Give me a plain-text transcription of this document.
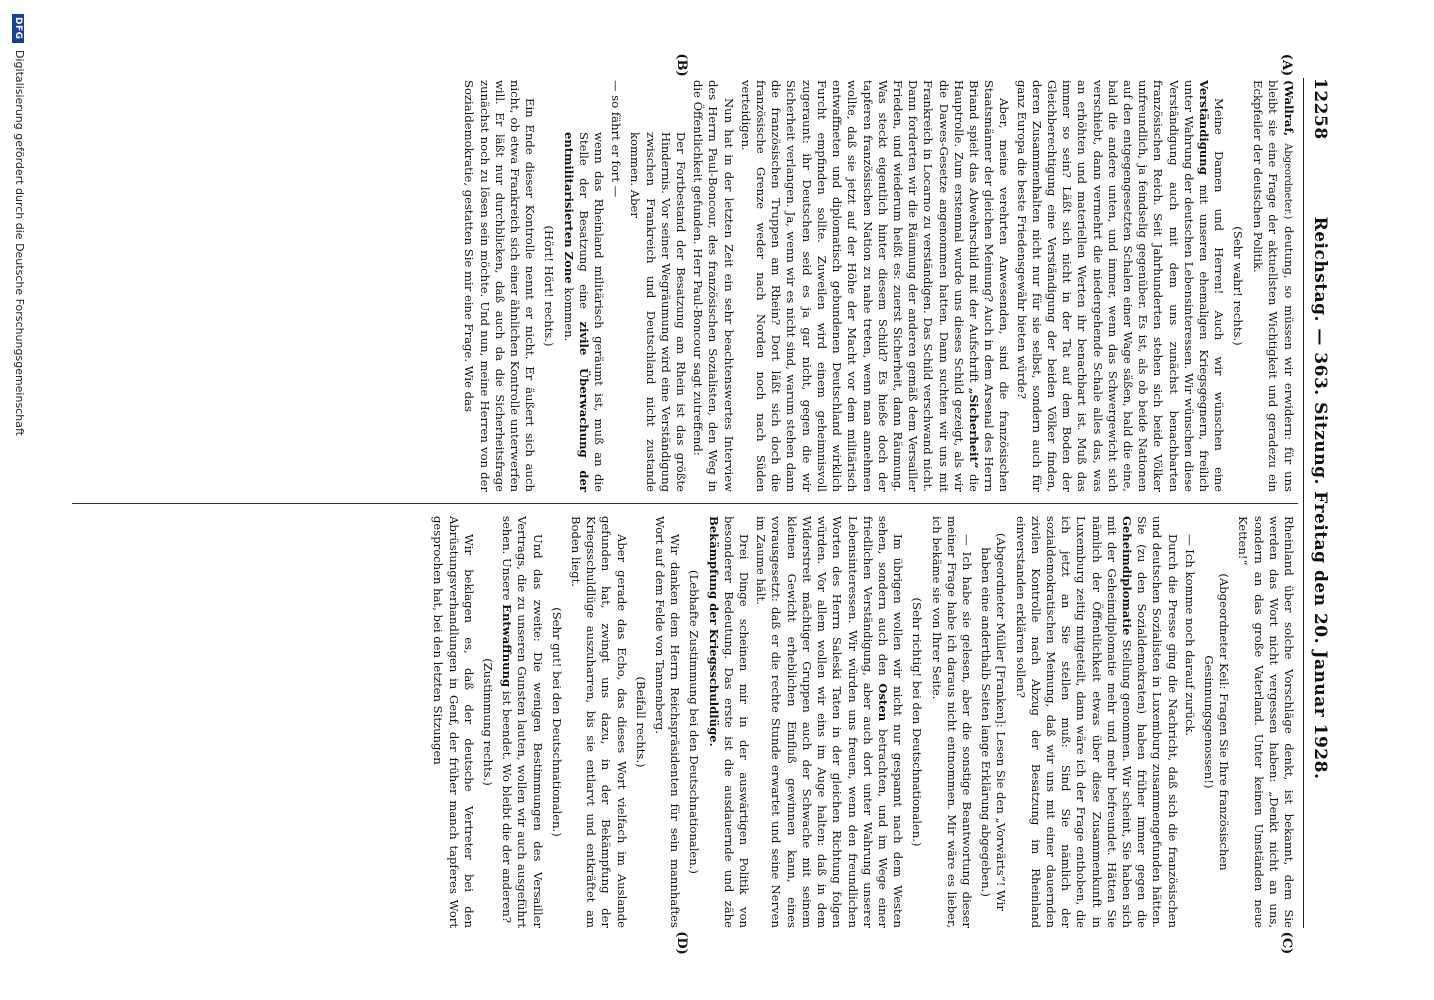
12258
Reichstag. — 363. Sitzung. Freitag den 20. Januar 1928.
(A)
(B)
(C)
(D)

(Wallraf, Abgeordneter.) deutung, so müssen wir erwidern: für uns bleibt sie eine Frage der aktuellsten Wichtigkeit und geradezu ein Eckpfeiler der deutschen Politik.

(Sehr wahr! rechts.)

Meine Damen und Herren! Auch wir wünschen eine Verständigung mit unseren ehemaligen Kriegsgegnern, freilich unter Wahrung der deutschen Lebensinteressen. Wir wünschen diese Verständigung auch mit dem uns zunächst benachbarten französischen Reich. Seit Jahrhunderten stehen sich beide Völker unfreundlich, ja feindselig gegenüber. Es ist, als ob beide Nationen auf den entgegengesetzten Schalen einer Wage säßen, bald die eine, bald die andere unten, und immer, wenn das Schwergewicht sich verschiebt, dann vermehrt die niedergehende Schale alles das, was an erhöhten und materiellen Werten ihr benachbart ist. Muß das immer so sein? Läßt sich nicht in der Tat auf dem Boden der Gleichberechtigung eine Verständigung der beiden Völker finden, deren Zusammenhalten nicht nur für sie selbst, sondern auch für ganz Europa die beste Friedensgewähr bieten würde?

Aber, meine verehrten Anwesenden, sind die französischen Staatsmänner der gleichen Meinung? Auch in dem Arsenal des Herrn Briand spielt das Abwehrschild mit der Aufschrift „Sicherheit“ die Hauptrolle. Zum erstenmal wurde uns dieses Schild gezeigt, als wir die Dawes-Gesetze angenommen hatten. Dann suchten wir uns mit Frankreich in Locarno zu verständigen. Das Schild verschwand nicht. Dann forderten wir die Räumung der anderen gemäß dem Versailler Frieden, und wiederum heißt es: zuerst Sicherheit, dann Räumung. Was steckt eigentlich hinter diesem Schild? Es hieße doch der tapferen französischen Nation zu nahe treten, wenn man annehmen wollte, daß sie jetzt auf der Höhe der Macht vor dem militärisch entwaffneten und diplomatisch gebundenen Deutschland wirklich Furcht empfinden sollte. Zuweilen wird einem geheimnisvoll zugeraunt: ihr Deutschen seid es ja gar nicht, gegen die wir Sicherheit verlangen. Ja, wenn wir es nicht sind, warum stehen dann die französischen Truppen am Rhein? Dort läßt sich doch die französische Grenze weder nach Norden noch nach Süden verteidigen.

Nun hat in der letzten Zeit ein sehr beachtenswertes Interview des Herrn Paul-Boncour, des französischen Sozialisten, den Weg in die Öffentlichkeit gefunden. Herr Paul-Boncour sagt zutreffend:

Der Fortbestand der Besatzung am Rhein ist das größte Hindernis. Vor seiner Wegräumung wird eine Verständigung zwischen Frankreich und Deutschland nicht zustande kommen. Aber

— so fährt er fort —

wenn das Rheinland militärisch geräumt ist, muß an die Stelle der Besatzung eine zivile Überwachung der entmilitarisierten Zone kommen.

(Hört! Hört! rechts.)

Ein Ende dieser Kontrolle nennt er nicht. Er äußert sich auch nicht, ob etwa Frankreich sich einer ähnlichen Kontrolle unterwerfen will. Er läßt nur durchblicken, daß auch da die Sicherheitsfrage zunächst noch zu lösen sein möchte. Und nun, meine Herren von der Sozialdemokratie, gestatten Sie mir eine Frage. Wie das

Rheinland über solche Vorschläge denkt, ist bekannt, dem Sie werden das Wort nicht vergessen haben: „Denkt nicht an uns, sondern an das große Vaterland. Unter keinen Umständen neue Ketten!“

(Abgeordneter Keil: Fragen Sie Ihre französischen Gesinnungsgenossen!)

— Ich komme noch darauf zurück.

Durch die Presse ging die Nachricht, daß sich die französischen und deutschen Sozialisten in Luxemburg zusammengefunden hätten. Sie (zu den Sozialdemokraten) haben früher immer gegen die Geheimdiplomatie Stellung genommen. Wir scheint, Sie haben sich mit der Geheimdiplomatie mehr und mehr befreundet. Hätten Sie nämlich der Öffentlichkeit etwas über diese Zusammenkunft in Luxemburg zeitig mitgeteilt, dann wäre ich der Frage enthoben, die ich jetzt an Sie stellen muß: Sind Sie nämlich der sozialdemokratischen Meinung, daß wir uns mit einer dauernden zivilen Kontrolle nach Abzug der Besatzung im Rheinland einverstanden erklären sollen?

(Abgeordneter Müller [Franken]: Lesen Sie den „Vorwärts“! Wir haben eine anderthalb Seiten lange Erklärung abgegeben.)

— Ich habe sie gelesen, aber die sonstige Beantwortung dieser meiner Frage habe ich daraus nicht entnommen. Mir wäre es lieber, ich bekäme sie von Ihrer Seite.

(Sehr richtig! bei den Deutschnationalen.)

Im übrigen wollen wir nicht nur gespannt nach dem Westen sehen, sondern auch den Osten betrachten, und im Wege einer friedlichen Verständigung, aber auch dort unter Wahrung unserer Lebensinteressen. Wir würden uns freuen, wenn den freundlichen Worten des Herrn Saleski Taten in der gleichen Richtung folgen würden. Vor allem wollen wir eins im Auge halten: daß in dem Widerstreit mächtiger Gruppen auch der Schwache mit seinem kleinen Gewicht erheblichen Einfluß gewinnen kann, eines vorausgesetzt: daß er die rechte Stunde erwartet und seine Nerven im Zaume hält.

Drei Dinge scheinen mir in der auswärtigen Politik von besonderer Bedeutung. Das erste ist die ausdauernde und zähe Bekämpfung der Kriegsschuldlüge.

(Lebhafte Zustimmung bei den Deutschnationalen.)

Wir danken dem Herrn Reichspräsidenten für sein mannhaftes Wort auf dem Felde von Tannenberg.

(Beifall rechts.)

Aber gerade das Echo, das dieses Wort vielfach im Auslande gefunden hat, zwingt uns dazu, in der Bekämpfung der Kriegsschuldlüge auszuharren, bis sie entlarvt und entkräftet am Boden liegt.

(Sehr gut! bei den Deutschnationalen.)

Und das zweite: Die wenigen Bestimmungen des Versailler Vertrags, die zu unseren Gunsten lauten, wollen wir auch ausgeführt sehen. Unsere Entwaffnung ist beendet. Wo bleibt die der anderen?

(Zustimmung rechts.)

Wir beklagen es, daß der deutsche Vertreter bei den Abrüstungsverhandlungen in Genf, der früher manch tapferes Wort gesprochen hat, bei den letzten Sitzungen

DFG Digitalisierung gefördert durch die Deutsche Forschungsgemeinschaft
